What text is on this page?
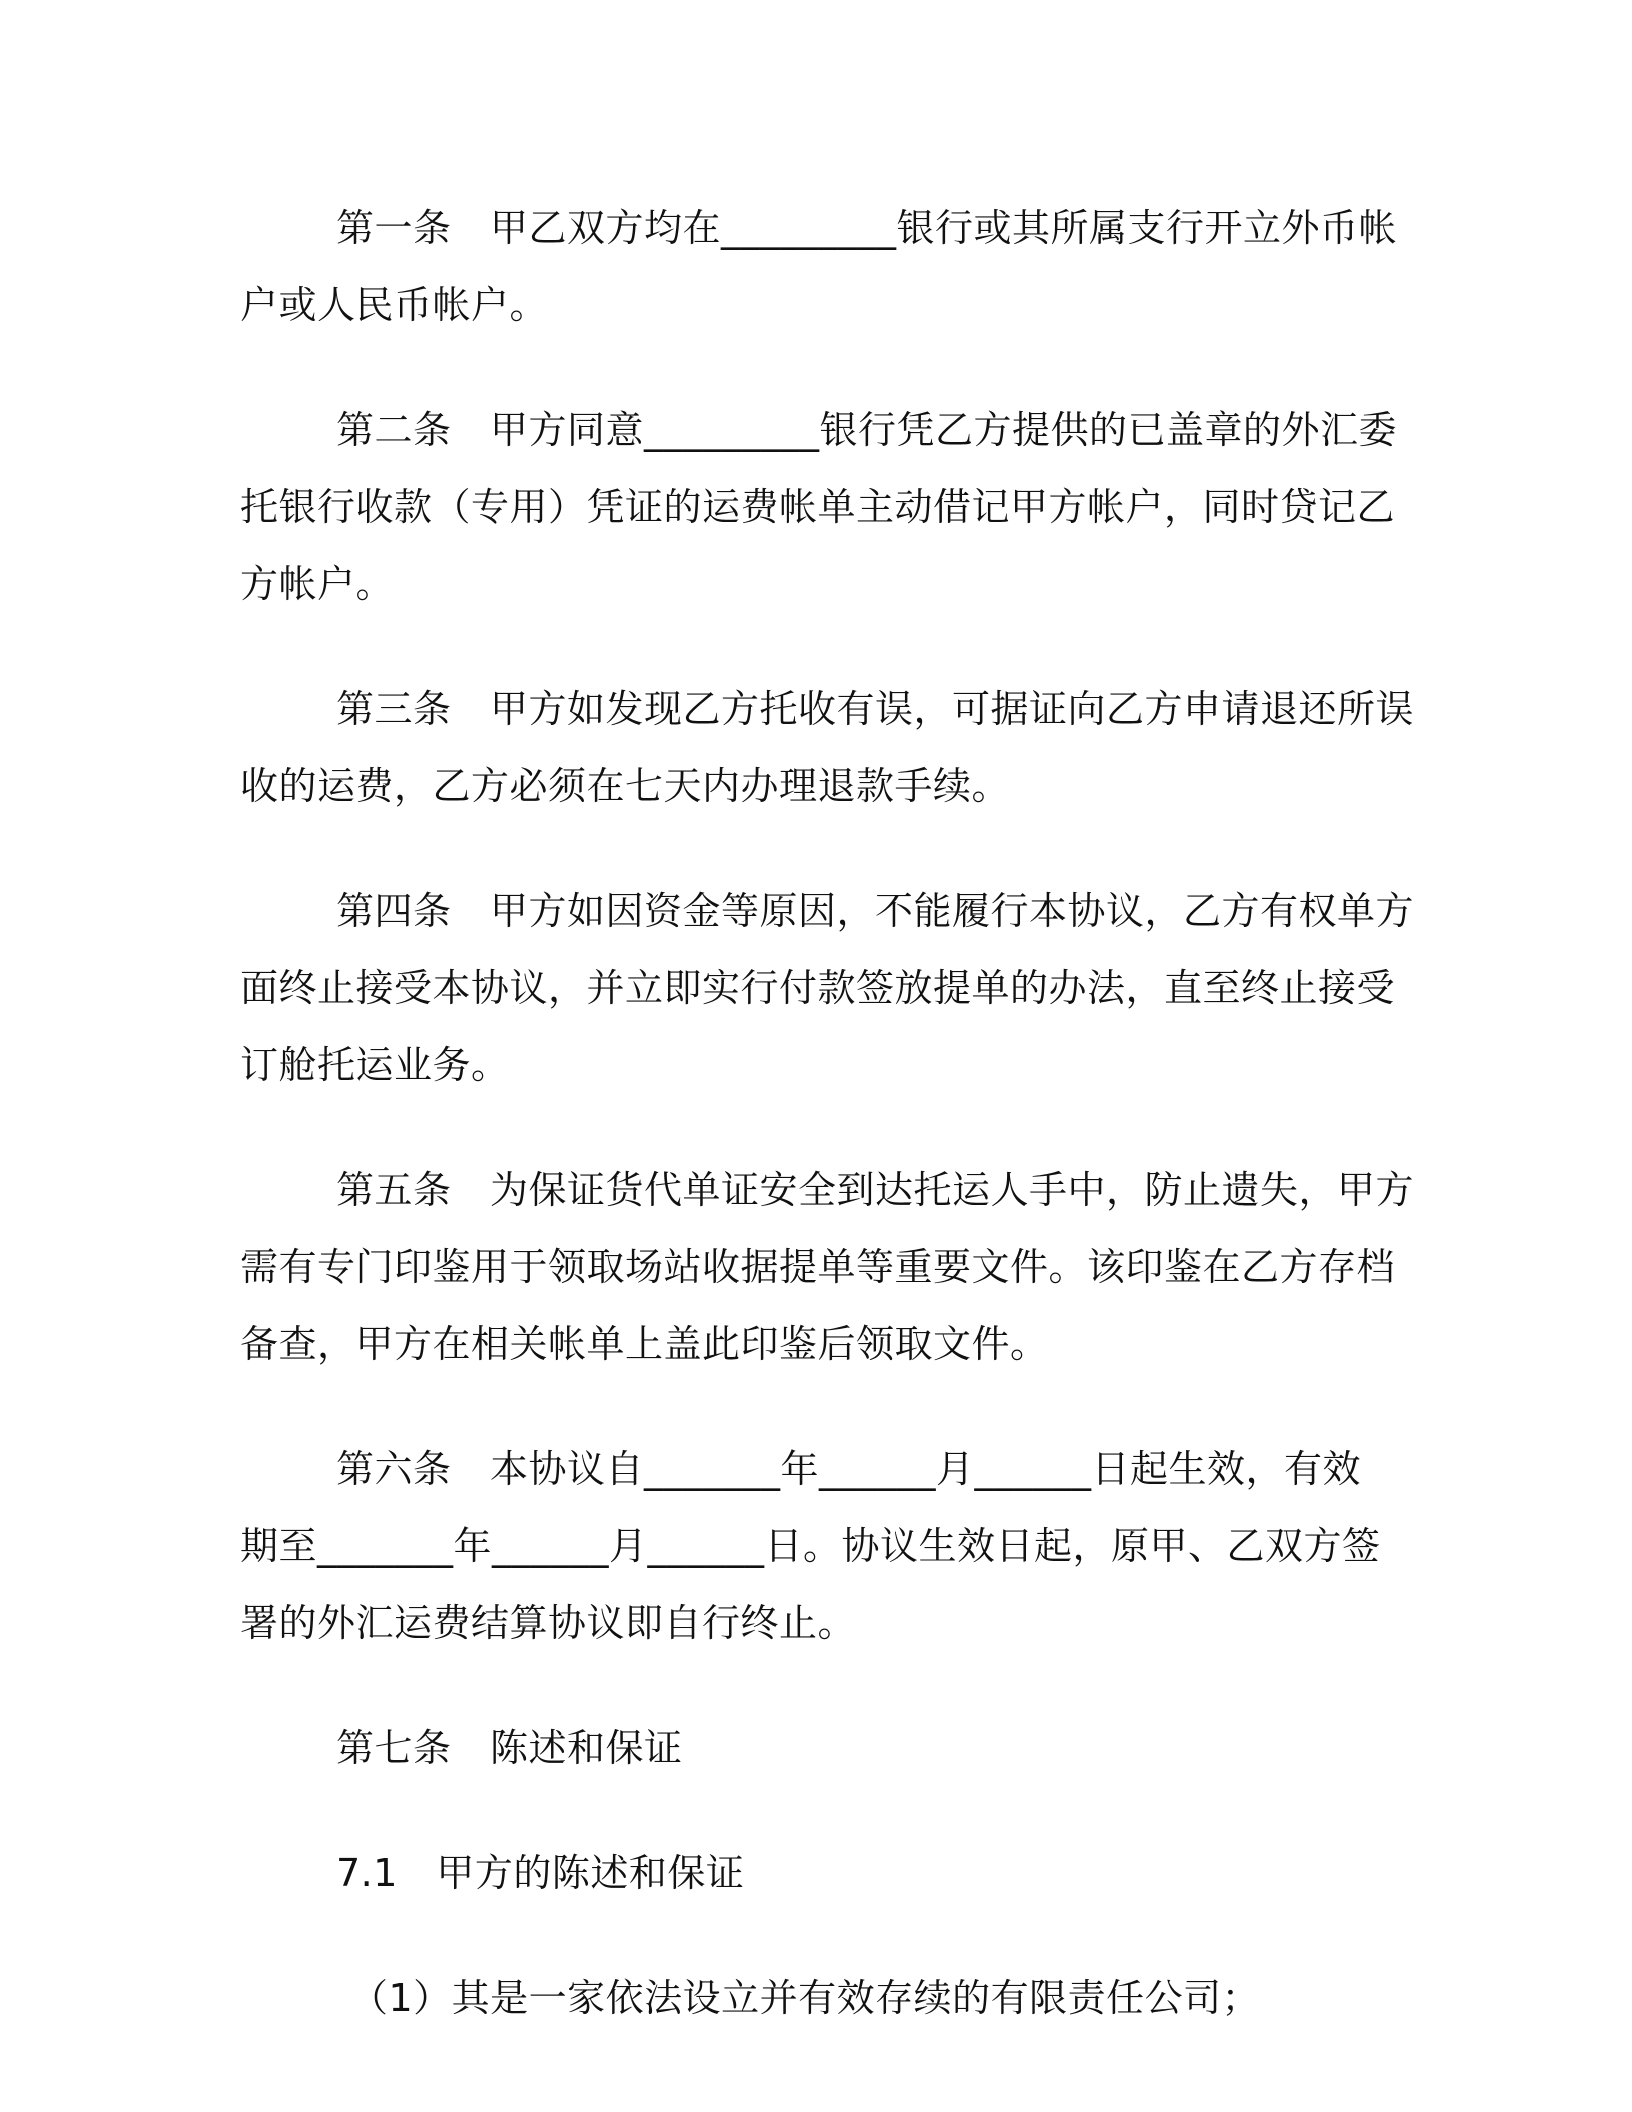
第一条　甲乙双方均在_________银行或其所属支行开立外币帐
户或人民币帐户。
第二条　甲方同意_________银行凭乙方提供的已盖章的外汇委
托银行收款（专用）凭证的运费帐单主动借记甲方帐户，同时贷记乙
方帐户。
第三条　甲方如发现乙方托收有误，可据证向乙方申请退还所误
收的运费，乙方必须在七天内办理退款手续。
第四条　甲方如因资金等原因，不能履行本协议，乙方有权单方
面终止接受本协议，并立即实行付款签放提单的办法，直至终止接受
订舱托运业务。
第五条　为保证货代单证安全到达托运人手中，防止遗失，甲方
需有专门印鉴用于领取场站收据提单等重要文件。该印鉴在乙方存档
备查，甲方在相关帐单上盖此印鉴后领取文件。
第六条　本协议自_______年______月______日起生效，有效
期至_______年______月______日。协议生效日起，原甲、乙双方签
署的外汇运费结算协议即自行终止。
第七条　陈述和保证
7.1　甲方的陈述和保证
（1）其是一家依法设立并有效存续的有限责任公司；
